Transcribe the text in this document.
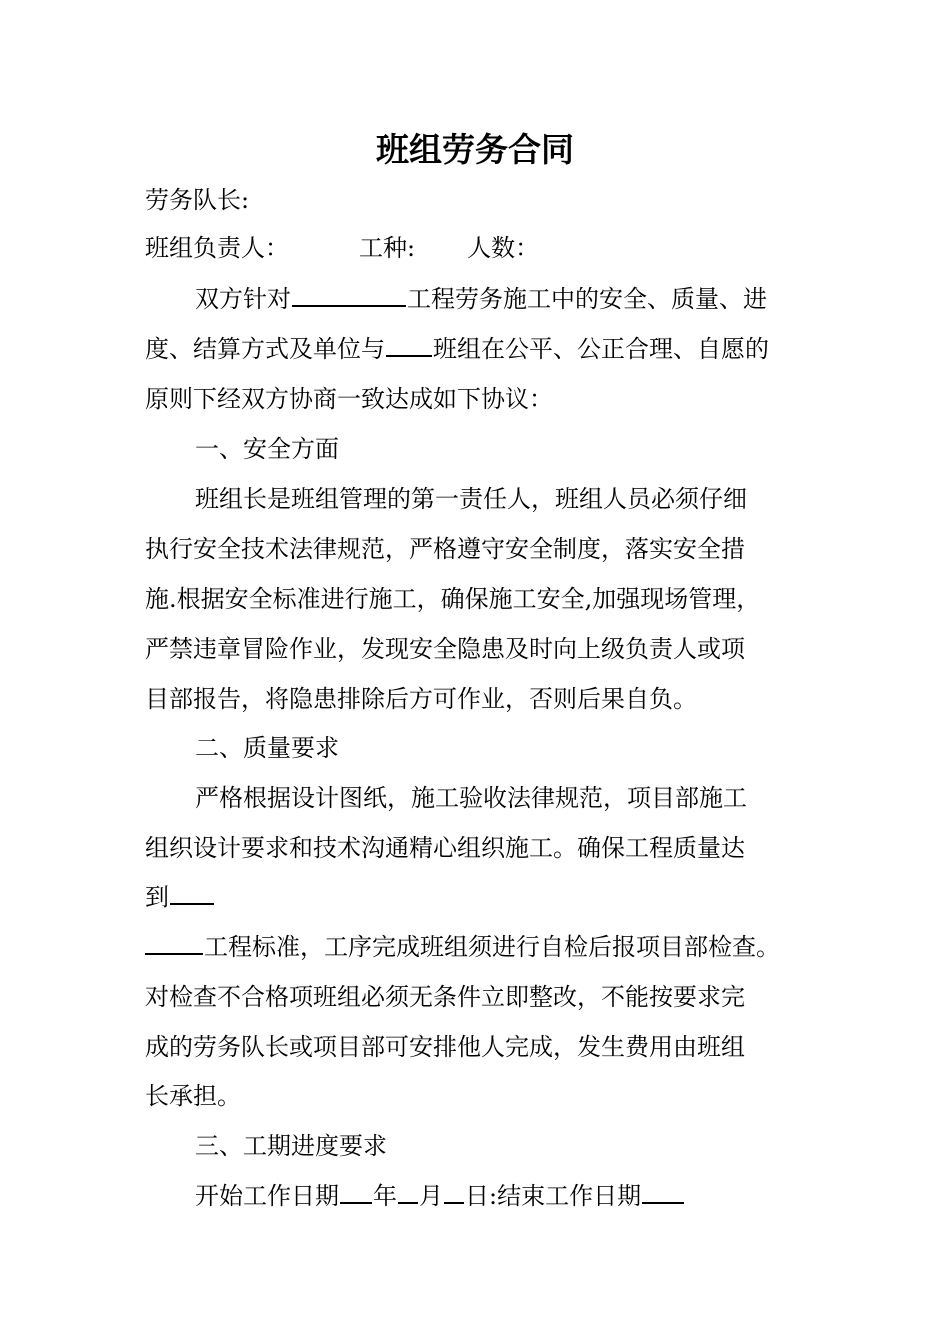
班组劳务合同
劳务队长:
班组负责人：	工种: 人数：
双方针对	工程劳务施工中的安全、质量、进
度、结算方式及单位与 班组在公平、公正合理、自愿的
原则下经双方协商一致达成如下协议：
一、安全方面
班组长是班组管理的第一责任人，班组人员必须仔细
执行安全技术法律规范，严格遵守安全制度，落实安全措
施.根据安全标准进行施工，确保施工安全,加强现场管理，
严禁违章冒险作业，发现安全隐患及时向上级负责人或项
目部报告，将隐患排除后方可作业，否则后果自负。
二、质量要求
严格根据设计图纸，施工验收法律规范，项目部施工
组织设计要求和技术沟通精心组织施工。确保工程质量达
到
工程标准，工序完成班组须进行自检后报项目部检查。
对检查不合格项班组必须无条件立即整改，不能按要求完
成的劳务队长或项目部可安排他人完成，发生费用由班组
长承担。
三、工期进度要求
开始工作日期 年 月 日:结束工作日期
